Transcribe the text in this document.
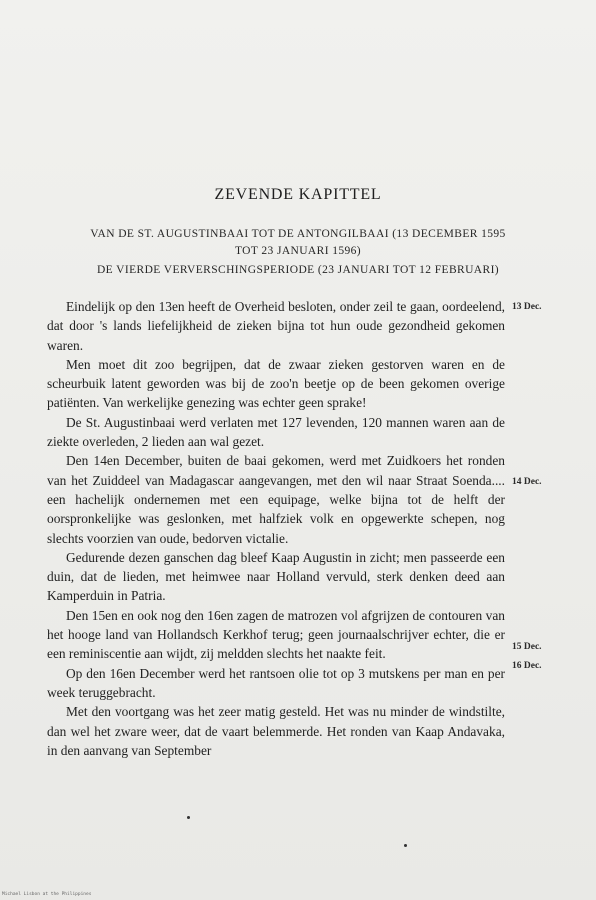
ZEVENDE KAPITTEL
VAN DE ST. AUGUSTINBAAI TOT DE ANTONGILBAAI (13 DECEMBER 1595
TOT 23 JANUARI 1596)
DE VIERDE VERVERSCHINGSPERIODE (23 JANUARI TOT 12 FEBRUARI)

Eindelijk op den 13en heeft de Overheid besloten, onder zeil te gaan, oordeelend, dat door 's lands liefelijkheid de zieken bijna tot hun oude gezondheid gekomen waren.

Men moet dit zoo begrijpen, dat de zwaar zieken gestorven waren en de scheurbuik latent geworden was bij de zoo'n beetje op de been gekomen overige patiënten. Van werkelijke genezing was echter geen sprake!

De St. Augustinbaai werd verlaten met 127 levenden, 120 mannen waren aan de ziekte overleden, 2 lieden aan wal gezet.

Den 14en December, buiten de baai gekomen, werd met Zuidkoers het ronden van het Zuiddeel van Madagascar aangevangen, met den wil naar Straat Soenda.... een hachelijk ondernemen met een equipage, welke bijna tot de helft der oorspronkelijke was geslonken, met halfziek volk en opgewerkte schepen, nog slechts voorzien van oude, bedorven victalie.

Gedurende dezen ganschen dag bleef Kaap Augustin in zicht; men passeerde een duin, dat de lieden, met heimwee naar Holland vervuld, sterk denken deed aan Kamperduin in Patria.

Den 15en en ook nog den 16en zagen de matrozen vol afgrijzen de contouren van het hooge land van Hollandsch Kerkhof terug; geen journaalschrijver echter, die er een reminiscentie aan wijdt, zij meldden slechts het naakte feit.

Op den 16en December werd het rantsoen olie tot op 3 mutskens per man en per week teruggebracht.

Met den voortgang was het zeer matig gesteld. Het was nu minder de windstilte, dan wel het zware weer, dat de vaart belemmerde. Het ronden van Kaap Andavaka, in den aanvang van September

13 Dec.
14 Dec.
15 Dec.
16 Dec.
Michael Lisbon at the Philippines
